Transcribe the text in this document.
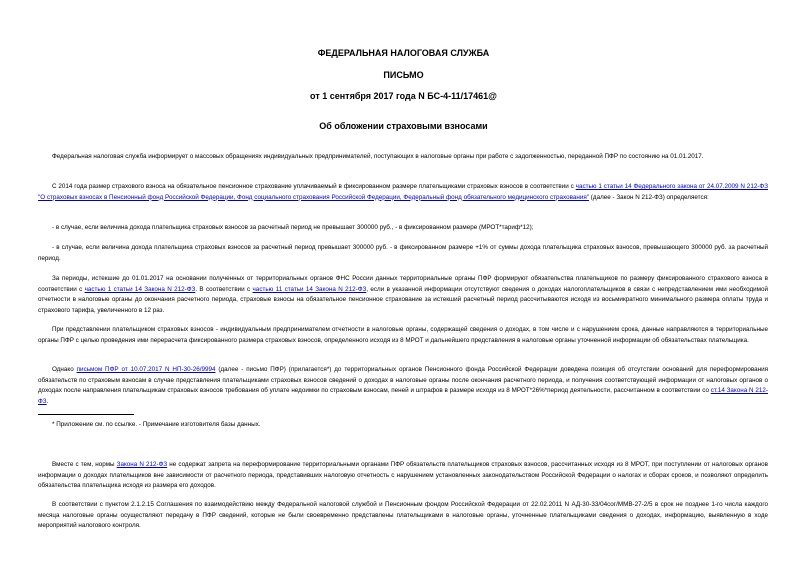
ФЕДЕРАЛЬНАЯ НАЛОГОВАЯ СЛУЖБА
ПИСЬМО
от 1 сентября 2017 года N БС-4-11/17461@
Об обложении страховыми взносами
Федеральная налоговая служба информирует о массовых обращениях индивидуальных предпринимателей, поступающих в налоговые органы при работе с задолженностью, переданной ПФР по состоянию на 01.01.2017.
С 2014 года размер страхового взноса на обязательное пенсионное страхование уплачиваемый в фиксированном размере плательщиками страховых взносов в соответствии с частью 1 статьи 14 Федерального закона от 24.07.2009 N 212-ФЗ "О страховых взносах в Пенсионный фонд Российской Федерации, Фонд социального страхования Российской Федерации, Федеральный фонд обязательного медицинского страхования" (далее - Закон N 212-ФЗ) определяется:
- в случае, если величина дохода плательщика страховых взносов за расчетный период не превышает 300000 руб., - в фиксированном размере (МРОТ*тариф*12);
- в случае, если величина дохода плательщика страховых взносов за расчетный период превышает 300000 руб. - в фиксированном размере +1% от суммы дохода плательщика страховых взносов, превышающего 300000 руб. за расчетный период.
За периоды, истекшие до 01.01.2017 на основании полученных от территориальных органов ФНС России данных территориальные органы ПФР формируют обязательства плательщиков по размеру фиксированного страхового взноса в соответствии с частью 1 статьи 14 Закона N 212-ФЗ. В соответствии с частью 11 статьи 14 Закона N 212-ФЗ, если в указанной информации отсутствуют сведения о доходах налогоплательщиков в связи с непредставлением ими необходимой отчетности в налоговые органы до окончания расчетного периода, страховые взносы на обязательное пенсионное страхование за истекший расчетный период рассчитываются исходя из восьмикратного минимального размера оплаты труда и страхового тарифа, увеличенного в 12 раз.
При представлении плательщиком страховых взносов - индивидуальным предпринимателем отчетности в налоговые органы, содержащей сведения о доходах, в том числе и с нарушением срока, данные направляются в территориальные органы ПФР с целью проведения ими перерасчета фиксированного размера страховых взносов, определенного исходя из 8 МРОТ и дальнейшего представления в налоговые органы уточненной информации об обязательствах плательщика.
Однако письмом ПФР от 10.07.2017 N НП-30-26/9994 (далее - письмо ПФР) (прилагается*) до территориальных органов Пенсионного фонда Российской Федерации доведена позиция об отсутствии оснований для переформирования обязательств по страховым взносам в случае представления плательщиками страховых взносов сведений о доходах в налоговые органы после окончания расчетного периода, и получения соответствующей информации от налоговых органов о доходах после направления плательщикам страховых взносов требования об уплате недоимки по страховым взносам, пеней и штрафов в размере исходя из 8 МРОТ*26%*период деятельности, рассчитанном в соответствии со ст.14 Закона N 212-ФЗ.
* Приложение см. по ссылке. - Примечание изготовителя базы данных.
Вместе с тем, нормы Закона N 212-ФЗ не содержат запрета на переформирование территориальными органами ПФР обязательств плательщиков страховых взносов, рассчитанных исходя из 8 МРОТ, при поступлении от налоговых органов информации о доходах плательщиков вне зависимости от расчетного периода, представивших налоговую отчетность с нарушением установленных законодательством Российской Федерации о налогах и сборах сроков, и позволяют определить обязательства плательщика исходя из размера его доходов.
В соответствии с пунктом 2.1.2.15 Соглашения по взаимодействию между Федеральной налоговой службой и Пенсионным фондом Российской Федерации от 22.02.2011 N АД-30-33/04сог/ММВ-27-2/5 в срок не позднее 1-го числа каждого месяца налоговые органы осуществляют передачу в ПФР сведений, которые не были своевременно представлены плательщиками в налоговые органы, уточненные плательщиками сведения о доходах, информацию, выявленную в ходе мероприятий налогового контроля.
